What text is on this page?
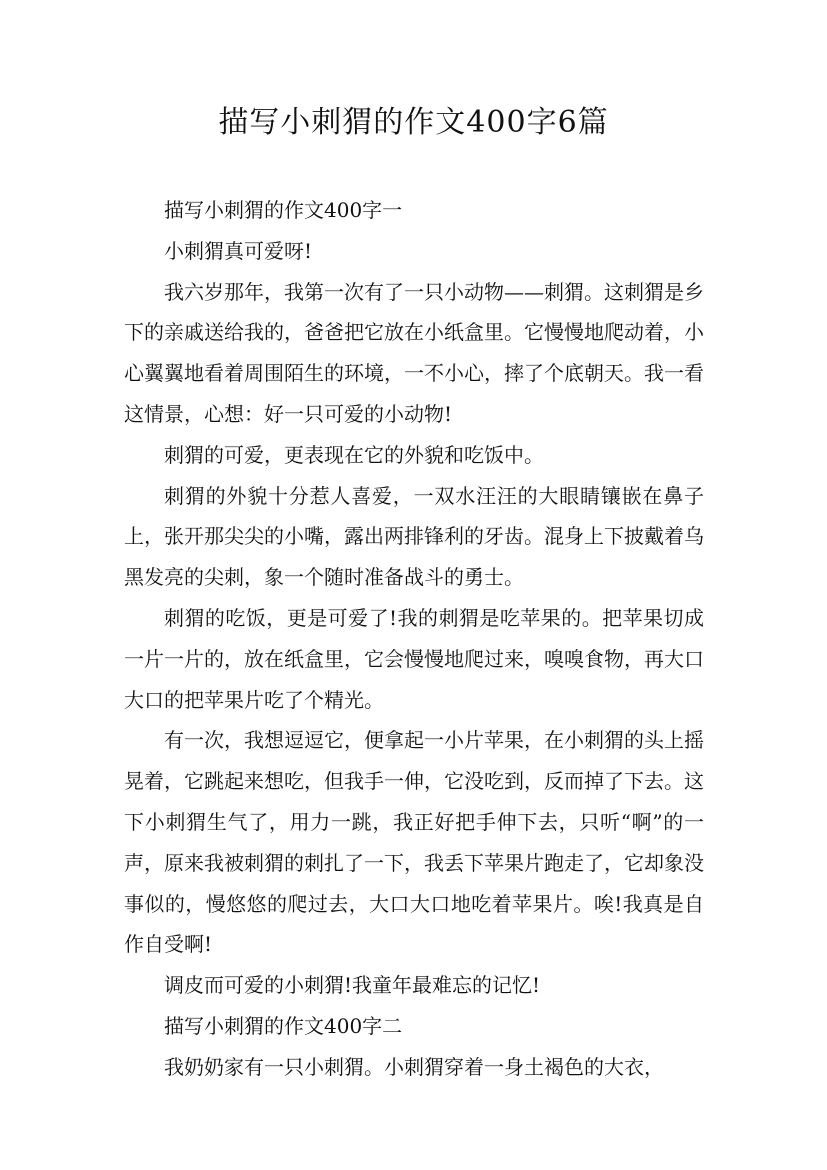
描写小刺猬的作文400字6篇

描写小刺猬的作文400字一

小刺猬真可爱呀!

我六岁那年，我第一次有了一只小动物——刺猬。这刺猬是乡下的亲戚送给我的，爸爸把它放在小纸盒里。它慢慢地爬动着，小心翼翼地看着周围陌生的环境，一不小心，摔了个底朝天。我一看这情景，心想：好一只可爱的小动物!

刺猬的可爱，更表现在它的外貌和吃饭中。

刺猬的外貌十分惹人喜爱，一双水汪汪的大眼睛镶嵌在鼻子上，张开那尖尖的小嘴，露出两排锋利的牙齿。混身上下披戴着乌黑发亮的尖刺，象一个随时准备战斗的勇士。

刺猬的吃饭，更是可爱了!我的刺猬是吃苹果的。把苹果切成一片一片的，放在纸盒里，它会慢慢地爬过来，嗅嗅食物，再大口大口的把苹果片吃了个精光。

有一次，我想逗逗它，便拿起一小片苹果，在小刺猬的头上摇晃着，它跳起来想吃，但我手一伸，它没吃到，反而掉了下去。这下小刺猬生气了，用力一跳，我正好把手伸下去，只听“啊”的一声，原来我被刺猬的刺扎了一下，我丢下苹果片跑走了，它却象没事似的，慢悠悠的爬过去，大口大口地吃着苹果片。唉!我真是自作自受啊!

调皮而可爱的小刺猬!我童年最难忘的记忆!

描写小刺猬的作文400字二

我奶奶家有一只小刺猬。小刺猬穿着一身土褐色的大衣，
